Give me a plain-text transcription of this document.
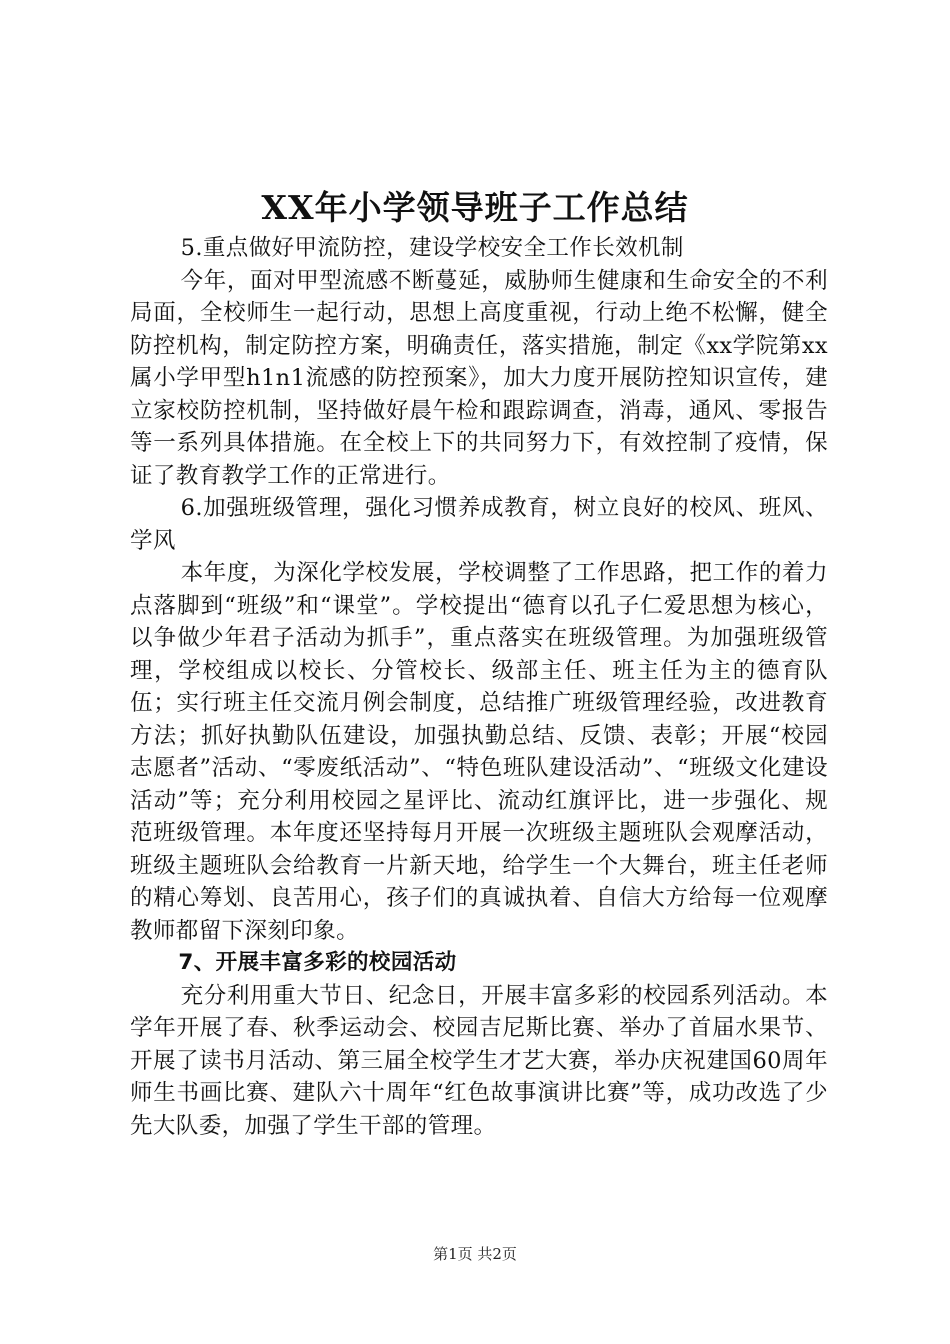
XX年小学领导班子工作总结

5.重点做好甲流防控，建设学校安全工作长效机制

今年，面对甲型流感不断蔓延，威胁师生健康和生命安全的不利局面，全校师生一起行动，思想上高度重视，行动上绝不松懈，健全防控机构，制定防控方案，明确责任，落实措施，制定《xx学院第xx属小学甲型h1n1流感的防控预案》，加大力度开展防控知识宣传，建立家校防控机制，坚持做好晨午检和跟踪调查，消毒，通风、零报告等一系列具体措施。在全校上下的共同努力下，有效控制了疫情，保证了教育教学工作的正常进行。

6.加强班级管理，强化习惯养成教育，树立良好的校风、班风、学风

本年度，为深化学校发展，学校调整了工作思路，把工作的着力点落脚到“班级”和“课堂”。学校提出“德育以孔子仁爱思想为核心，以争做少年君子活动为抓手”，重点落实在班级管理。为加强班级管理，学校组成以校长、分管校长、级部主任、班主任为主的德育队伍；实行班主任交流月例会制度，总结推广班级管理经验，改进教育方法；抓好执勤队伍建设，加强执勤总结、反馈、表彰；开展“校园志愿者”活动、“零废纸活动”、“特色班队建设活动”、“班级文化建设活动”等；充分利用校园之星评比、流动红旗评比，进一步强化、规范班级管理。本年度还坚持每月开展一次班级主题班队会观摩活动，班级主题班队会给教育一片新天地，给学生一个大舞台，班主任老师的精心筹划、良苦用心，孩子们的真诚执着、自信大方给每一位观摩教师都留下深刻印象。

7、开展丰富多彩的校园活动

充分利用重大节日、纪念日，开展丰富多彩的校园系列活动。本学年开展了春、秋季运动会、校园吉尼斯比赛、举办了首届水果节、开展了读书月活动、第三届全校学生才艺大赛，举办庆祝建国60周年师生书画比赛、建队六十周年“红色故事演讲比赛”等，成功改选了少先大队委，加强了学生干部的管理。

第1页 共2页
